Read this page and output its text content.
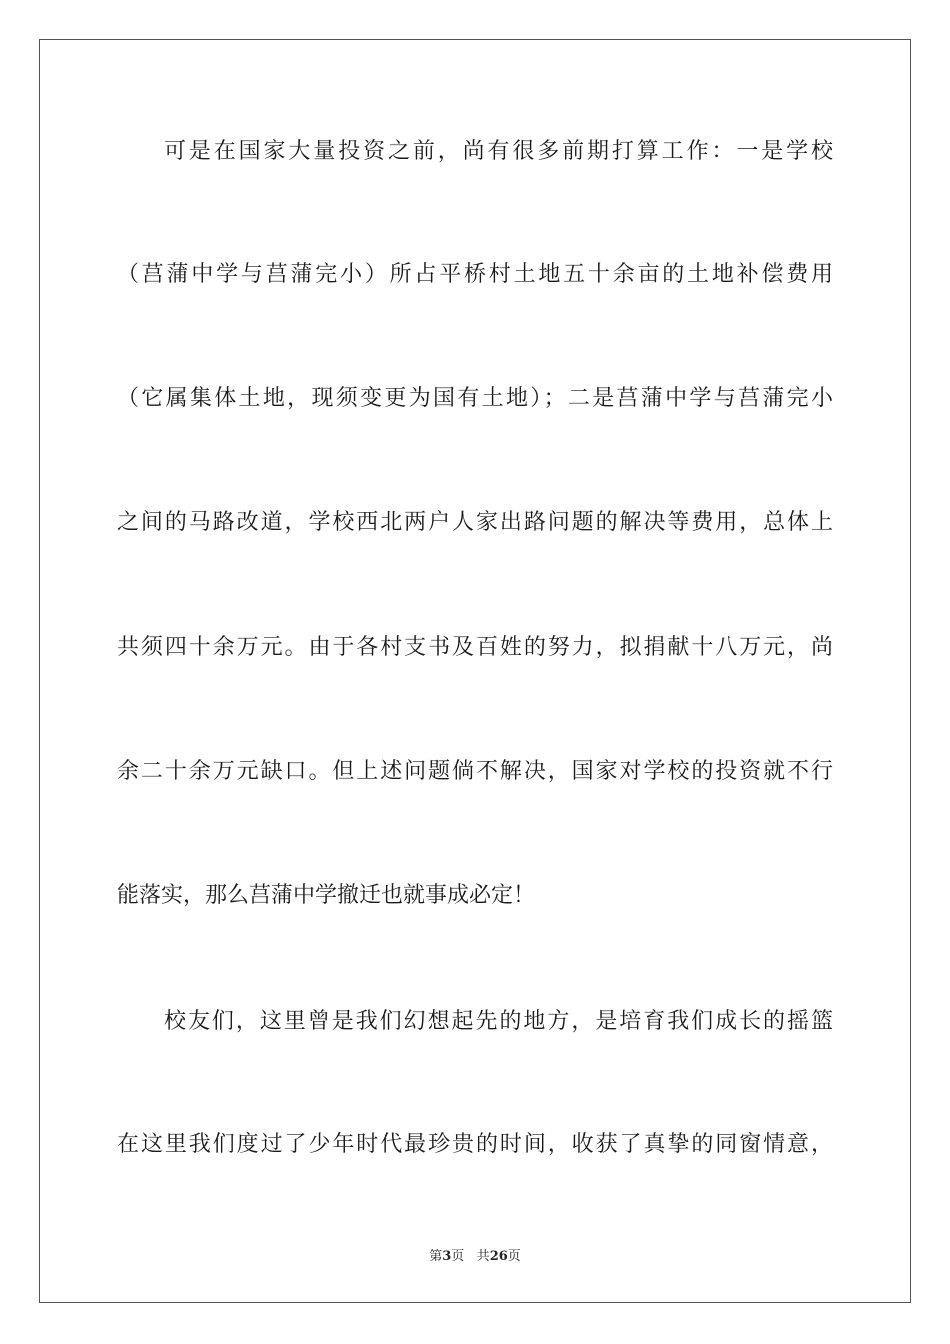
可是在国家大量投资之前，尚有很多前期打算工作：一是学校
（莒蒲中学与莒蒲完小）所占平桥村土地五十余亩的土地补偿费用
（它属集体土地，现须变更为国有土地）；二是莒蒲中学与莒蒲完小
之间的马路改道，学校西北两户人家出路问题的解决等费用，总体上
共须四十余万元。由于各村支书及百姓的努力，拟捐献十八万元，尚
余二十余万元缺口。但上述问题倘不解决，国家对学校的投资就不行
能落实，那么莒蒲中学撤迁也就事成必定！
校友们，这里曾是我们幻想起先的地方，是培育我们成长的摇篮
在这里我们度过了少年时代最珍贵的时间，收获了真挚的同窗情意，
第3页 共26页
